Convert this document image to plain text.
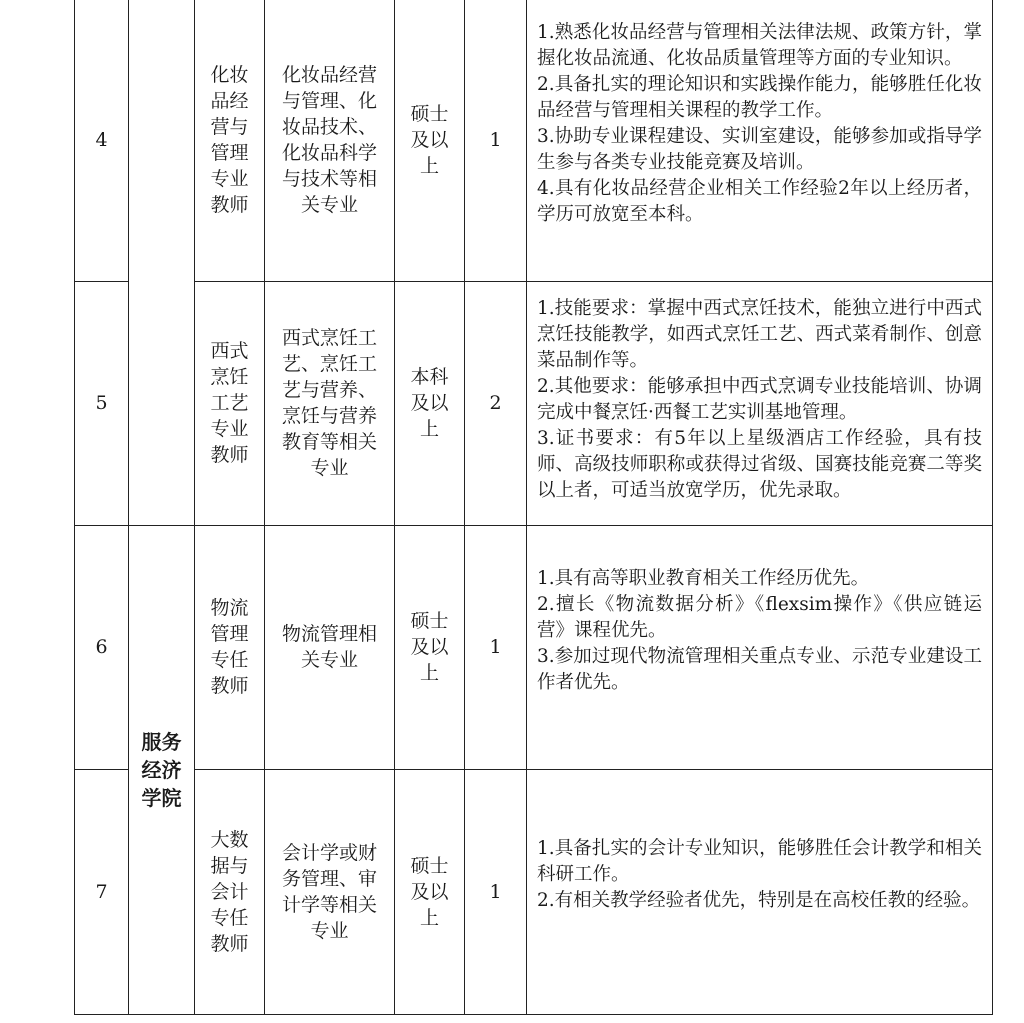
4		化妆品经营与管理专业教师	化妆品经营与管理、化妆品技术、化妆品科学与技术等相关专业	硕士及以上	1	1.熟悉化妆品经营与管理相关法律法规、政策方针，掌握化妆品流通、化妆品质量管理等方面的专业知识。
2.具备扎实的理论知识和实践操作能力，能够胜任化妆品经营与管理相关课程的教学工作。
3.协助专业课程建设、实训室建设，能够参加或指导学生参与各类专业技能竞赛及培训。
4.具有化妆品经营企业相关工作经验2年以上经历者，学历可放宽至本科。

5		西式烹饪工艺专业教师	西式烹饪工艺、烹饪工艺与营养、烹饪与营养教育等相关专业	本科及以上	2	1.技能要求：掌握中西式烹饪技术，能独立进行中西式烹饪技能教学，如西式烹饪工艺、西式菜肴制作、创意菜品制作等。
2.其他要求：能够承担中西式烹调专业技能培训、协调完成中餐烹饪·西餐工艺实训基地管理。
3.证书要求：有5年以上星级酒店工作经验，具有技师、高级技师职称或获得过省级、国赛技能竞赛二等奖以上者，可适当放宽学历，优先录取。

6	服务经济学院	物流管理专任教师	物流管理相关专业	硕士及以上	1	1.具有高等职业教育相关工作经历优先。
2.擅长《物流数据分析》《flexsim操作》《供应链运营》课程优先。
3.参加过现代物流管理相关重点专业、示范专业建设工作者优先。

7		大数据与会计专任教师	会计学或财务管理、审计学等相关专业	硕士及以上	1	1.具备扎实的会计专业知识，能够胜任会计教学和相关科研工作。
2.有相关教学经验者优先，特别是在高校任教的经验。
